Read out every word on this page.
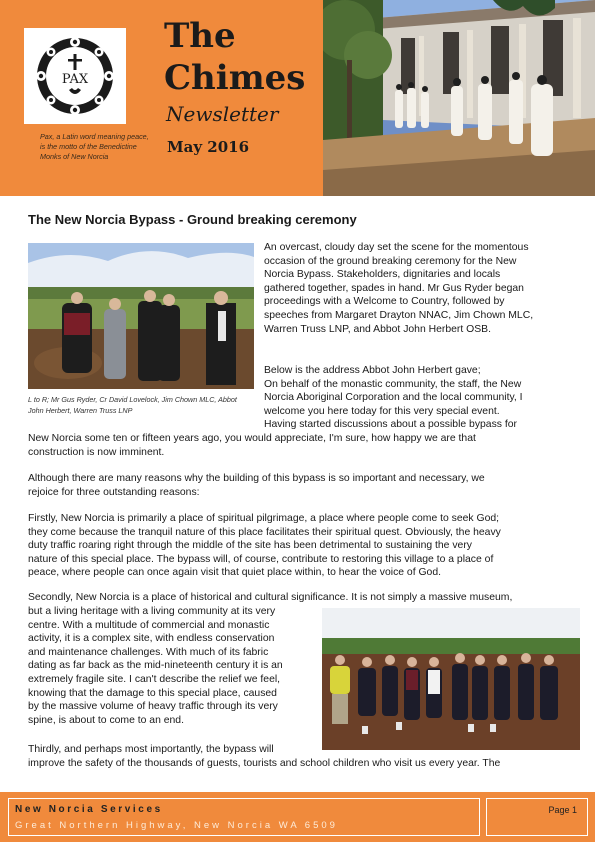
PAX
Pax, a Latin word meaning peace, is the motto of the Benedictine Monks of New Norcia
The
Chimes
Newsletter
May 2016
The New Norcia Bypass - Ground breaking ceremony
L to R; Mr Gus Ryder, Cr David Lovelock, Jim Chown MLC, Abbot John Herbert, Warren Truss LNP
An overcast, cloudy day set the scene for the momentous
occasion of the ground breaking ceremony for the New
Norcia Bypass. Stakeholders, dignitaries and locals
gathered together, spades in hand. Mr Gus Ryder began
proceedings with a Welcome to Country, followed by
speeches from Margaret Drayton NNAC, Jim Chown MLC,
Warren Truss LNP, and Abbot John Herbert OSB.
Below is the address Abbot John Herbert gave;
On behalf of the monastic community, the staff, the New
Norcia Aboriginal Corporation and the local community, I
welcome you here today for this very special event.
Having started discussions about a possible bypass for
New Norcia some ten or fifteen years ago, you would appreciate, I'm sure, how happy we are that
construction is now imminent.
Although there are many reasons why the building of this bypass is so important and necessary, we
rejoice for three outstanding reasons:
Firstly, New Norcia is primarily a place of spiritual pilgrimage, a place where people come to seek God;
they come because the tranquil nature of this place facilitates their spiritual quest. Obviously, the heavy
duty traffic roaring right through the middle of the site has been detrimental to sustaining the very
nature of this special place. The bypass will, of course, contribute to restoring this village to a place of
peace, where people can once again visit that quiet place within, to hear the voice of God.
Secondly, New Norcia is a place of historical and cultural significance. It is not simply a massive museum,
but a living heritage with a living community at its very
centre. With a multitude of commercial and monastic
activity, it is a complex site, with endless conservation
and maintenance challenges. With much of its fabric
dating as far back as the mid-nineteenth century it is an
extremely fragile site. I can't describe the relief we feel,
knowing that the damage to this special place, caused
by the massive volume of heavy traffic through its very
spine, is about to come to an end.
Thirdly, and perhaps most importantly, the bypass will
improve the safety of the thousands of guests, tourists and school children who visit us every year. The
New Norcia Services
Great Northern Highway, New Norcia WA 6509
Page 1
